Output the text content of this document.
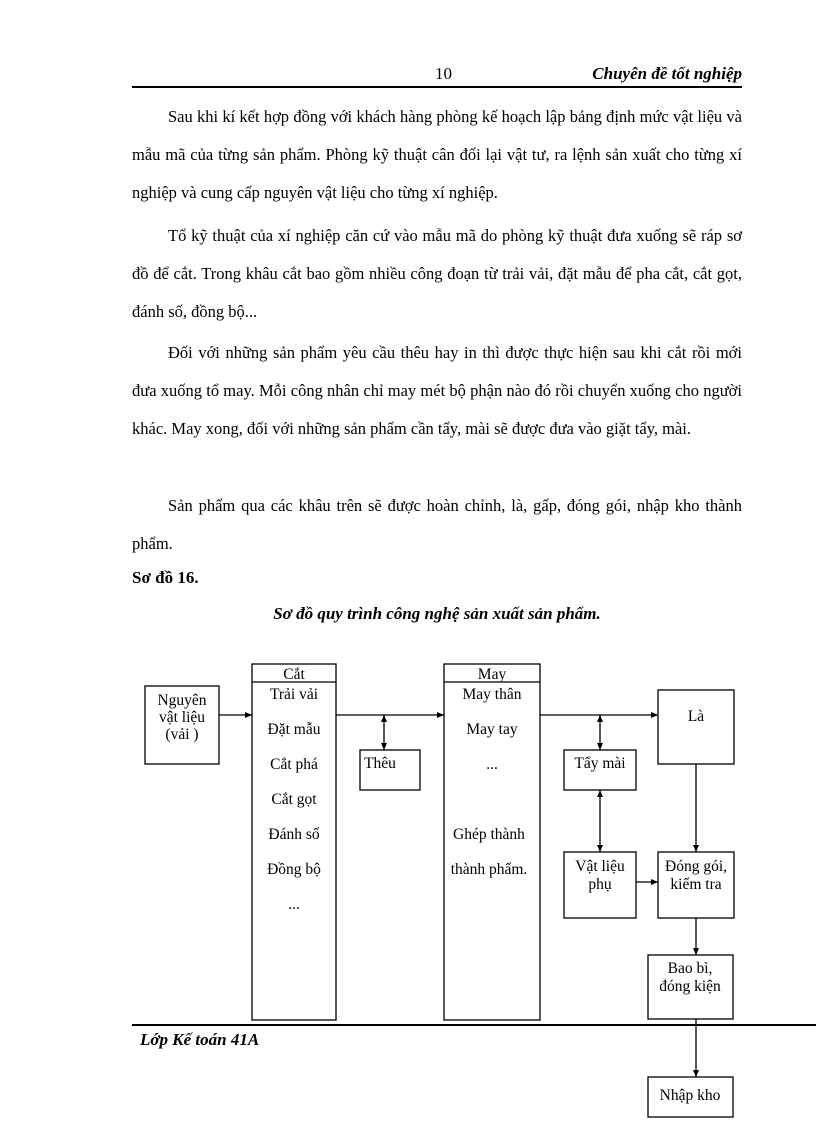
10	Chuyên đề tốt nghiệp

Sau khi kí kết hợp đồng với khách hàng phòng kế hoạch lập bảng định mức vật liệu và mẫu mã của từng sản phẩm. Phòng kỹ thuật cân đối lại vật tư, ra lệnh sản xuất cho từng xí nghiệp và cung cấp nguyên vật liệu cho từng xí nghiệp.

Tổ kỹ thuật của xí nghiệp căn cứ vào mẫu mã do phòng kỹ thuật đưa xuống sẽ ráp sơ đồ để cắt. Trong khâu cắt bao gồm nhiều công đoạn từ trải vải, đặt mẫu để pha cắt, cắt gọt, đánh số, đồng bộ...

Đối với những sản phẩm yêu cầu thêu hay in thì được thực hiện sau khi cắt rồi mới đưa xuống tổ may. Mỗi công nhân chỉ may mét bộ phận nào đó rồi chuyển xuống cho người khác. May xong, đối với những sản phẩm cần tẩy, mài sẽ được đưa vào giặt tẩy, mài.

Sản phẩm qua các khâu trên sẽ được hoàn chỉnh, là, gấp, đóng gói, nhập kho thành phẩm.

Sơ đồ 16.
Sơ đồ quy trình công nghệ sản xuất sản phẩm.
Nguyên
vật liệu
(vải )
Cắt
Trải vải
Đặt mẫu
Cắt phá
Cắt gọt
Đánh số
Đồng bộ
...
Thêu
May
May thân
May tay
...
Ghép thành
thành phẩm.
Tẩy mài
Vật liệu
phụ
Là
Đóng gói,
kiểm tra
Bao bì,
đóng kiện
Nhập kho
Lớp Kế toán 41A
